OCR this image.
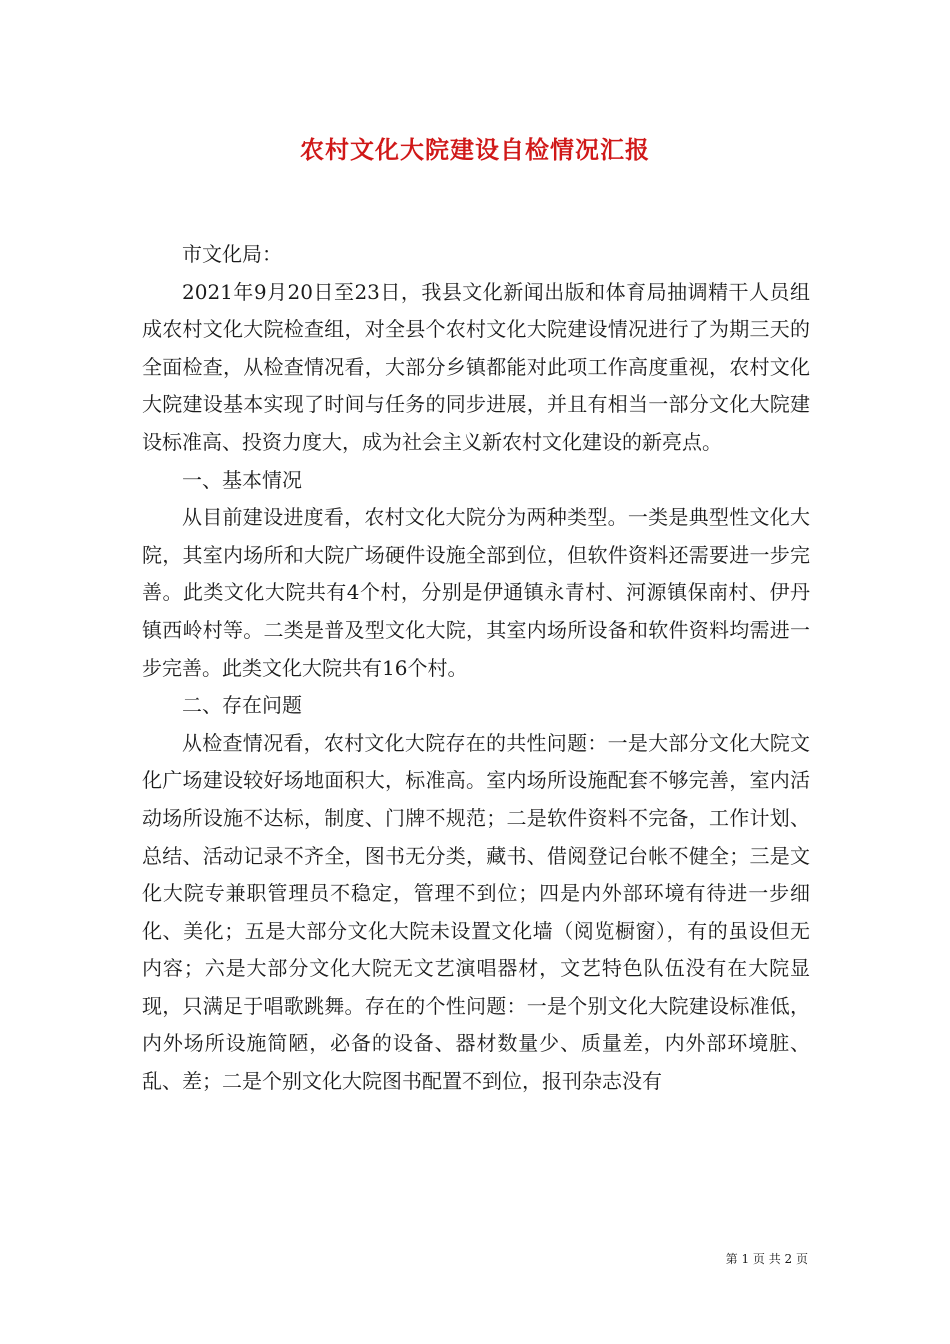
农村文化大院建设自检情况汇报

市文化局：

2021年9月20日至23日，我县文化新闻出版和体育局抽调精干人员组成农村文化大院检查组，对全县个农村文化大院建设情况进行了为期三天的全面检查，从检查情况看，大部分乡镇都能对此项工作高度重视，农村文化大院建设基本实现了时间与任务的同步进展，并且有相当一部分文化大院建设标准高、投资力度大，成为社会主义新农村文化建设的新亮点。

一、基本情况

从目前建设进度看，农村文化大院分为两种类型。一类是典型性文化大院，其室内场所和大院广场硬件设施全部到位，但软件资料还需要进一步完善。此类文化大院共有4个村，分别是伊通镇永青村、河源镇保南村、伊丹镇西岭村等。二类是普及型文化大院，其室内场所设备和软件资料均需进一步完善。此类文化大院共有16个村。

二、存在问题

从检查情况看，农村文化大院存在的共性问题：一是大部分文化大院文化广场建设较好场地面积大，标准高。室内场所设施配套不够完善，室内活动场所设施不达标，制度、门牌不规范；二是软件资料不完备，工作计划、总结、活动记录不齐全，图书无分类，藏书、借阅登记台帐不健全；三是文化大院专兼职管理员不稳定，管理不到位；四是内外部环境有待进一步细化、美化；五是大部分文化大院未设置文化墙（阅览橱窗），有的虽设但无内容；六是大部分文化大院无文艺演唱器材，文艺特色队伍没有在大院显现，只满足于唱歌跳舞。存在的个性问题：一是个别文化大院建设标准低，内外场所设施简陋，必备的设备、器材数量少、质量差，内外部环境脏、乱、差；二是个别文化大院图书配置不到位，报刊杂志没有

第 1 页 共 2 页
